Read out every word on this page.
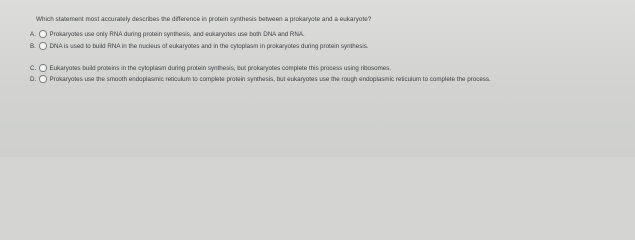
Which statement most accurately describes the difference in protein synthesis between a prokaryote and a eukaryote?
A.	Prokaryotes use only RNA during protein synthesis, and eukaryotes use both DNA and RNA.
B.	DNA is used to build RNA in the nucleus of eukaryotes and in the cytoplasm in prokaryotes during protein synthesis.
C.	Eukaryotes build proteins in the cytoplasm during protein synthesis, but prokaryotes complete this process using ribosomes.
D.	Prokaryotes use the smooth endoplasmic reticulum to complete protein synthesis, but eukaryotes use the rough endoplasmic reticulum to complete the process.
